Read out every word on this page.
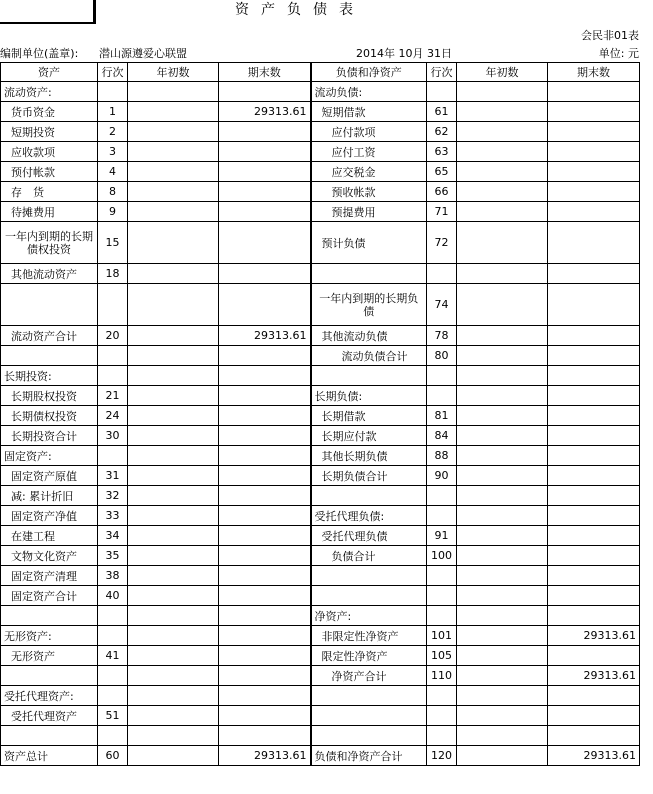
资产负债表
会民非01表
编制单位(盖章): 潜山源遵爱心联盟	2014年 10月 31日	单位: 元
资产	行次	年初数	期末数	负债和净资产	行次	年初数	期末数
流动资产:				流动负债:			
货币资金	1		29313.61	短期借款	61		
短期投资	2			应付款项	62		
应收款项	3			应付工资	63		
预付帐款	4			应交税金	65		
存　货	8			预收帐款	66		
待摊费用	9			预提费用	71		
一年内到期的长期债权投资	15			预计负债	72		
其他流动资产	18						
				一年内到期的长期负债	74		
流动资产合计	20		29313.61	其他流动负债	78		
				流动负债合计	80		
长期投资:							
长期股权投资	21			长期负债:			
长期债权投资	24			长期借款	81		
长期投资合计	30			长期应付款	84		
固定资产:				其他长期负债	88		
固定资产原值	31			长期负债合计	90		
减: 累计折旧	32						
固定资产净值	33			受托代理负债:			
在建工程	34			受托代理负债	91		
文物文化资产	35			负债合计	100		
固定资产清理	38						
固定资产合计	40						
				净资产:			
无形资产:				非限定性净资产	101		29313.61
无形资产	41			限定性净资产	105		
				净资产合计	110		29313.61
受托代理资产:							
受托代理资产	51						

资产总计	60		29313.61	负债和净资产合计	120		29313.61
